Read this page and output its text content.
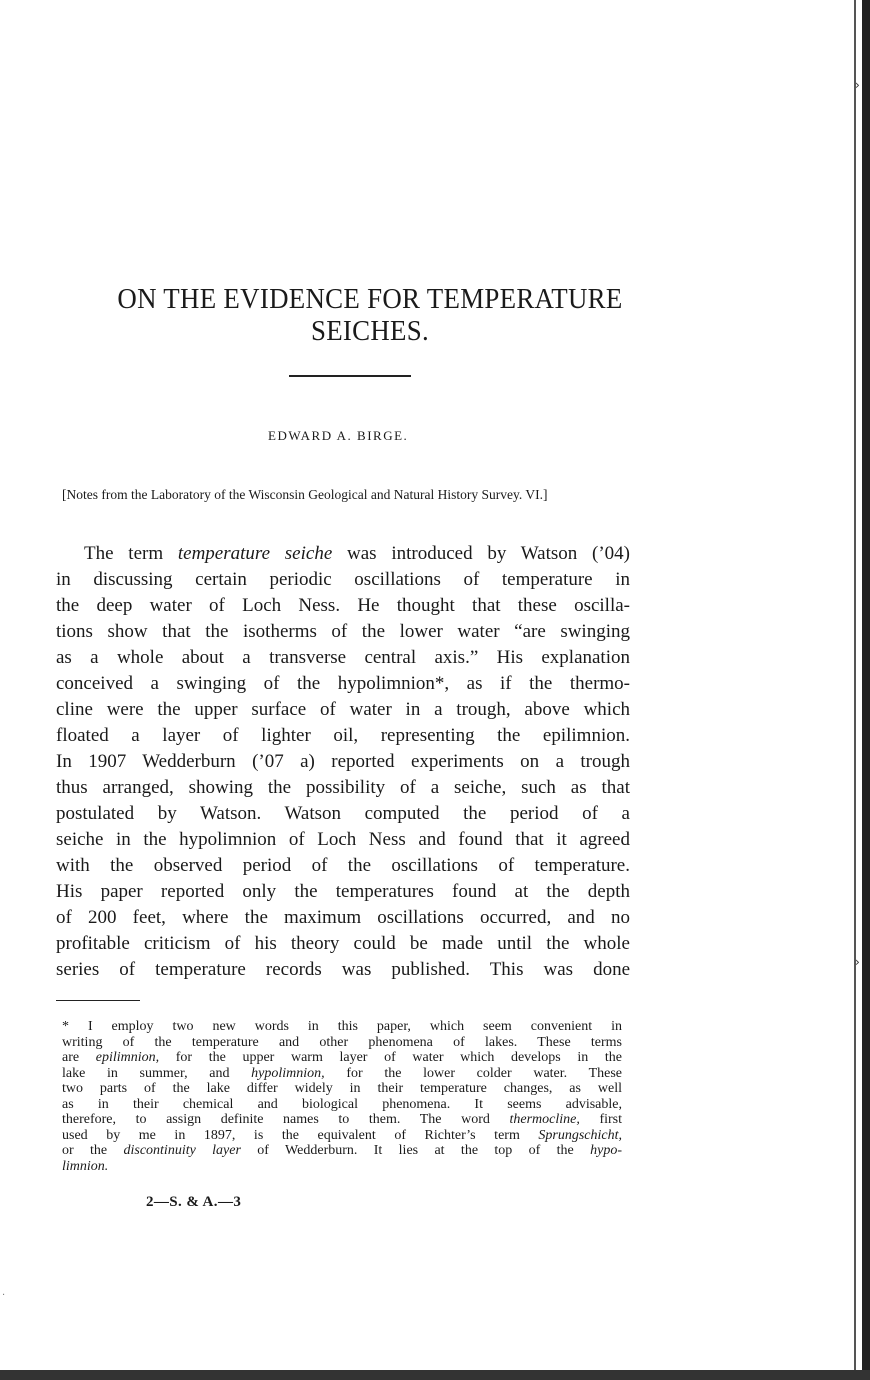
ON THE EVIDENCE FOR TEMPERATURE SEICHES.
EDWARD A. BIRGE.
[Notes from the Laboratory of the Wisconsin Geological and Natural History Survey. VI.]
The term temperature seiche was introduced by Watson (’04)
in discussing certain periodic oscillations of temperature in
the deep water of Loch Ness. He thought that these oscilla-
tions show that the isotherms of the lower water “are swinging
as a whole about a transverse central axis.” His explanation
conceived a swinging of the hypolimnion*, as if the thermo-
cline were the upper surface of water in a trough, above which
floated a layer of lighter oil, representing the epilimnion.
In 1907 Wedderburn (’07 a) reported experiments on a trough
thus arranged, showing the possibility of a seiche, such as that
postulated by Watson. Watson computed the period of a
seiche in the hypolimnion of Loch Ness and found that it agreed
with the observed period of the oscillations of temperature.
His paper reported only the temperatures found at the depth
of 200 feet, where the maximum oscillations occurred, and no
profitable criticism of his theory could be made until the whole
series of temperature records was published. This was done
* I employ two new words in this paper, which seem convenient in
writing of the temperature and other phenomena of lakes. These terms
are epilimnion, for the upper warm layer of water which develops in the
lake in summer, and hypolimnion, for the lower colder water. These
two parts of the lake differ widely in their temperature changes, as well
as in their chemical and biological phenomena. It seems advisable,
therefore, to assign definite names to them. The word thermocline, first
used by me in 1897, is the equivalent of Richter’s term Sprungschicht,
or the discontinuity layer of Wedderburn. It lies at the top of the hypo-
limnion.
2—S. & A.—3
›
›
·
